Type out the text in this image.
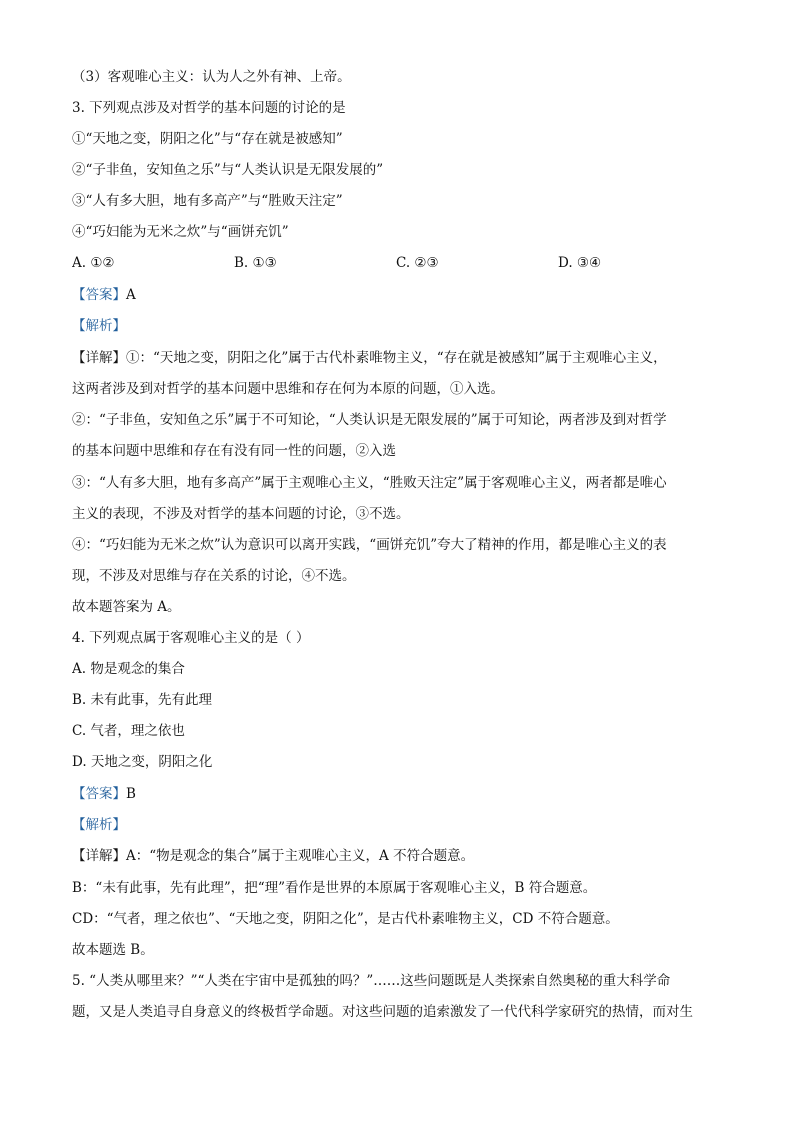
（3）客观唯心主义：认为人之外有神、上帝。
3. 下列观点涉及对哲学的基本问题的讨论的是
①“天地之变，阴阳之化”与“存在就是被感知”
②“子非鱼，安知鱼之乐”与“人类认识是无限发展的”
③“人有多大胆，地有多高产”与“胜败天注定”
④“巧妇能为无米之炊”与“画饼充饥”
A. ①②	B. ①③	C. ②③	D. ③④
【答案】A
【解析】
【详解】①：“天地之变，阴阳之化”属于古代朴素唯物主义，“存在就是被感知”属于主观唯心主义，
这两者涉及到对哲学的基本问题中思维和存在何为本原的问题，①入选。
②：“子非鱼，安知鱼之乐”属于不可知论，“人类认识是无限发展的”属于可知论，两者涉及到对哲学
的基本问题中思维和存在有没有同一性的问题，②入选
③：“人有多大胆，地有多高产”属于主观唯心主义，“胜败天注定”属于客观唯心主义，两者都是唯心
主义的表现，不涉及对哲学的基本问题的讨论，③不选。
④：“巧妇能为无米之炊”认为意识可以离开实践，“画饼充饥”夸大了精神的作用，都是唯心主义的表
现，不涉及对思维与存在关系的讨论，④不选。
故本题答案为 A。
4. 下列观点属于客观唯心主义的是（ ）
A. 物是观念的集合
B. 未有此事，先有此理
C. 气者，理之依也
D. 天地之变，阴阳之化
【答案】B
【解析】
【详解】A：“物是观念的集合”属于主观唯心主义，A 不符合题意。
B：“未有此事，先有此理”，把“理”看作是世界的本原属于客观唯心主义，B 符合题意。
CD：“气者，理之依也”、“天地之变，阴阳之化”，是古代朴素唯物主义，CD 不符合题意。
故本题选 B。
5. “人类从哪里来？”“人类在宇宙中是孤独的吗？”……这些问题既是人类探索自然奥秘的重大科学命
题，又是人类追寻自身意义的终极哲学命题。对这些问题的追索激发了一代代科学家研究的热情，而对生
